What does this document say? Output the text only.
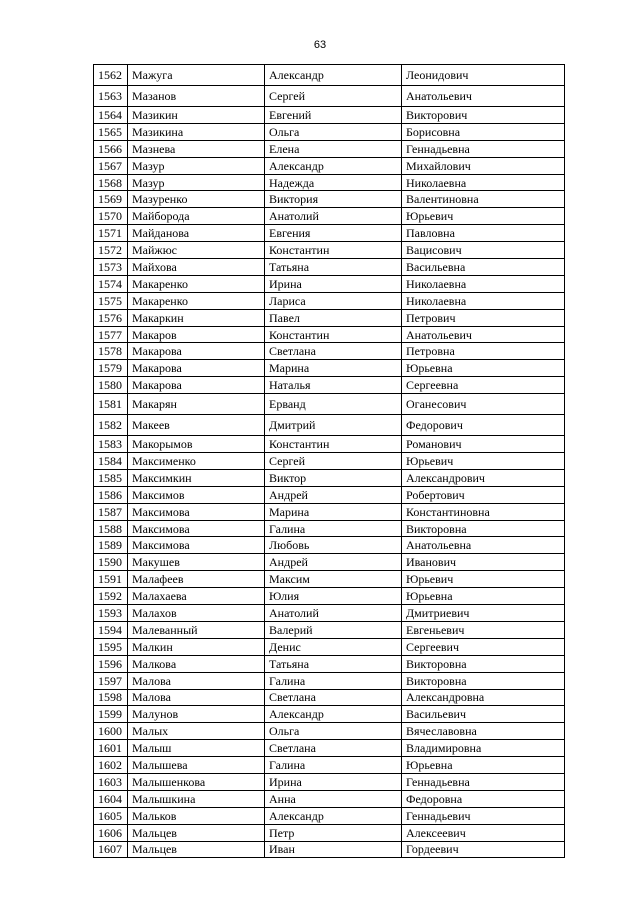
63
1562	Мажуга	Александр	Леонидович
1563	Мазанов	Сергей	Анатольевич
1564	Мазикин	Евгений	Викторович
1565	Мазикина	Ольга	Борисовна
1566	Мазнева	Елена	Геннадьевна
1567	Мазур	Александр	Михайлович
1568	Мазур	Надежда	Николаевна
1569	Мазуренко	Виктория	Валентиновна
1570	Майборода	Анатолий	Юрьевич
1571	Майданова	Евгения	Павловна
1572	Майжюс	Константин	Вацисович
1573	Майхова	Татьяна	Васильевна
1574	Макаренко	Ирина	Николаевна
1575	Макаренко	Лариса	Николаевна
1576	Макаркин	Павел	Петрович
1577	Макаров	Константин	Анатольевич
1578	Макарова	Светлана	Петровна
1579	Макарова	Марина	Юрьевна
1580	Макарова	Наталья	Сергеевна
1581	Макарян	Ерванд	Оганесович
1582	Макеев	Дмитрий	Федорович
1583	Макорымов	Константин	Романович
1584	Максименко	Сергей	Юрьевич
1585	Максимкин	Виктор	Александрович
1586	Максимов	Андрей	Робертович
1587	Максимова	Марина	Константиновна
1588	Максимова	Галина	Викторовна
1589	Максимова	Любовь	Анатольевна
1590	Макушев	Андрей	Иванович
1591	Малафеев	Максим	Юрьевич
1592	Малахаева	Юлия	Юрьевна
1593	Малахов	Анатолий	Дмитриевич
1594	Малеванный	Валерий	Евгеньевич
1595	Малкин	Денис	Сергеевич
1596	Малкова	Татьяна	Викторовна
1597	Малова	Галина	Викторовна
1598	Малова	Светлана	Александровна
1599	Малунов	Александр	Васильевич
1600	Малых	Ольга	Вячеславовна
1601	Малыш	Светлана	Владимировна
1602	Малышева	Галина	Юрьевна
1603	Малышенкова	Ирина	Геннадьевна
1604	Малышкина	Анна	Федоровна
1605	Мальков	Александр	Геннадьевич
1606	Мальцев	Петр	Алексеевич
1607	Мальцев	Иван	Гордеевич
